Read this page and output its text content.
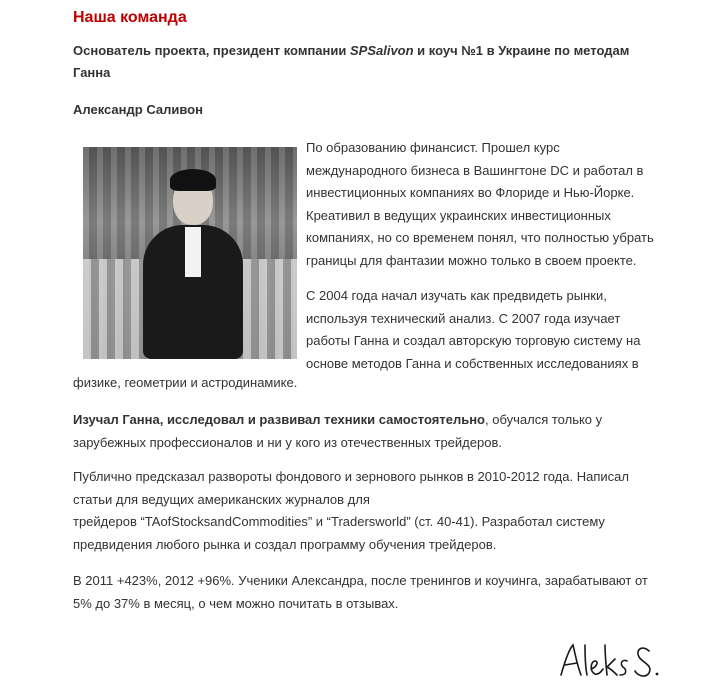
Наша команда

Основатель проекта, президент компании SPSalivon и коуч №1 в Украине по методам
Ганна

Александр Саливон

По образованию финансист. Прошел курс
международного бизнеса в Вашингтоне DC и работал в
инвестиционных компаниях во Флориде и Нью-Йорке.
Креативил в ведущих украинских инвестиционных
компаниях, но со временем понял, что полностью убрать
границы для фантазии можно только в своем проекте.

С 2004 года начал изучать как предвидеть рынки,
используя технический анализ. С 2007 года изучает
работы Ганна и создал авторскую торговую систему на
основе методов Ганна и собственных исследованиях в

физике, геометрии и астродинамике.

Изучал Ганна, исследовал и развивал техники самостоятельно, обучался только у
зарубежных профессионалов и ни у кого из отечественных трейдеров.

Публично предсказал развороты фондового и зернового рынков в 2010-2012 года. Написал
статьи для ведущих американских журналов для
трейдеров “TAofStocksandCommodities” и “Tradersworld” (ст. 40-41). Разработал систему
предвидения любого рынка и создал программу обучения трейдеров.

В 2011 +423%, 2012 +96%. Ученики Александра, после тренингов и коучинга, зарабатывают от
5% до 37% в месяц, о чем можно почитать в отзывах.
